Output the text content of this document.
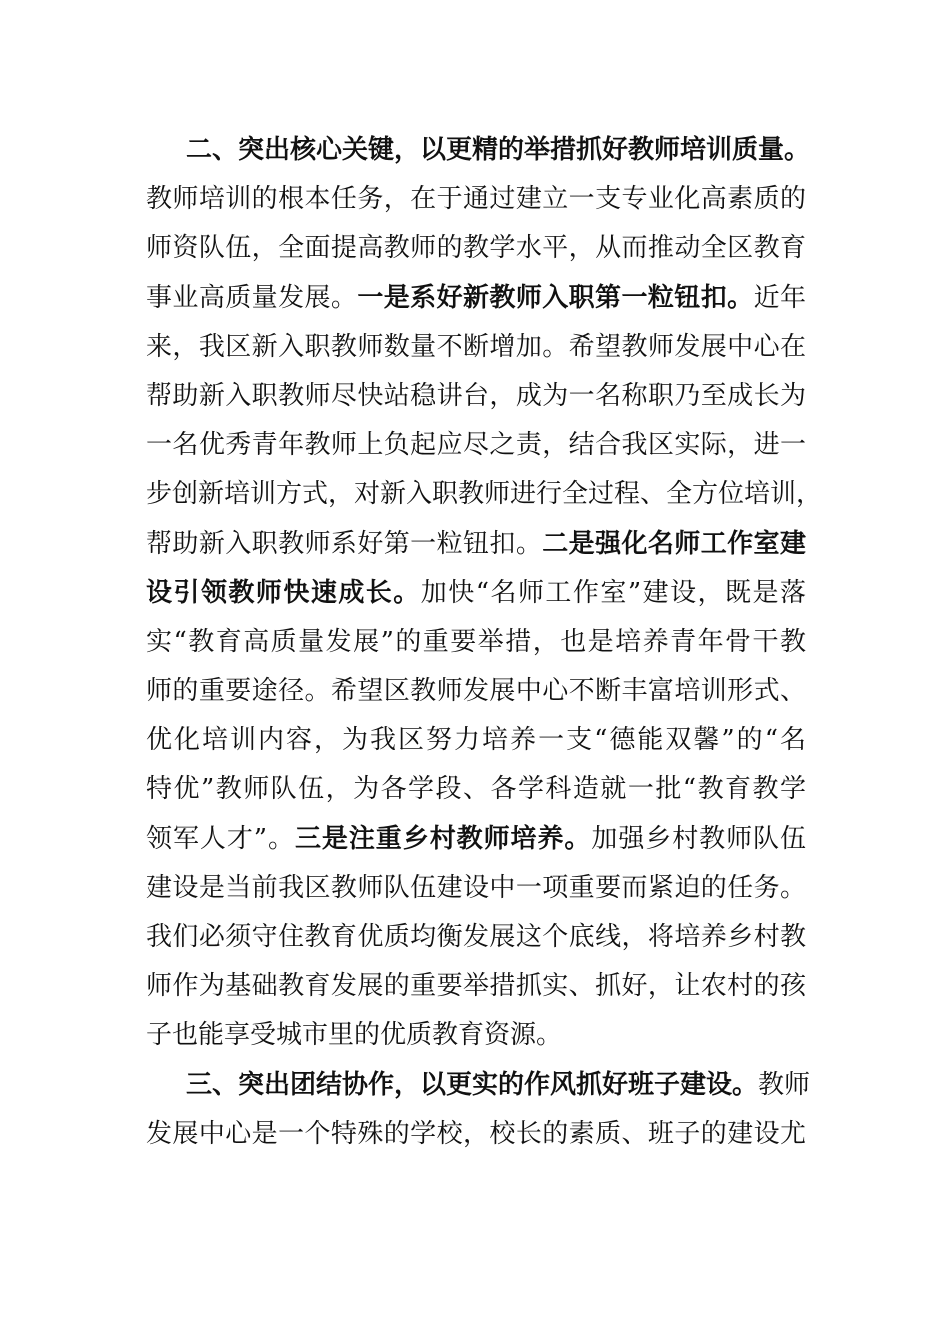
二、突出核心关键，以更精的举措抓好教师培训质量。
教师培训的根本任务，在于通过建立一支专业化高素质的
师资队伍，全面提高教师的教学水平，从而推动全区教育
事业高质量发展。一是系好新教师入职第一粒钮扣。近年
来，我区新入职教师数量不断增加。希望教师发展中心在
帮助新入职教师尽快站稳讲台，成为一名称职乃至成长为
一名优秀青年教师上负起应尽之责，结合我区实际，进一
步创新培训方式，对新入职教师进行全过程、全方位培训，
帮助新入职教师系好第一粒钮扣。二是强化名师工作室建
设引领教师快速成长。加快“名师工作室”建设，既是落
实“教育高质量发展”的重要举措，也是培养青年骨干教
师的重要途径。希望区教师发展中心不断丰富培训形式、
优化培训内容，为我区努力培养一支“德能双馨”的“名
特优”教师队伍，为各学段、各学科造就一批“教育教学
领军人才”。三是注重乡村教师培养。加强乡村教师队伍
建设是当前我区教师队伍建设中一项重要而紧迫的任务。
我们必须守住教育优质均衡发展这个底线，将培养乡村教
师作为基础教育发展的重要举措抓实、抓好，让农村的孩
子也能享受城市里的优质教育资源。
三、突出团结协作，以更实的作风抓好班子建设。教师
发展中心是一个特殊的学校，校长的素质、班子的建设尤
